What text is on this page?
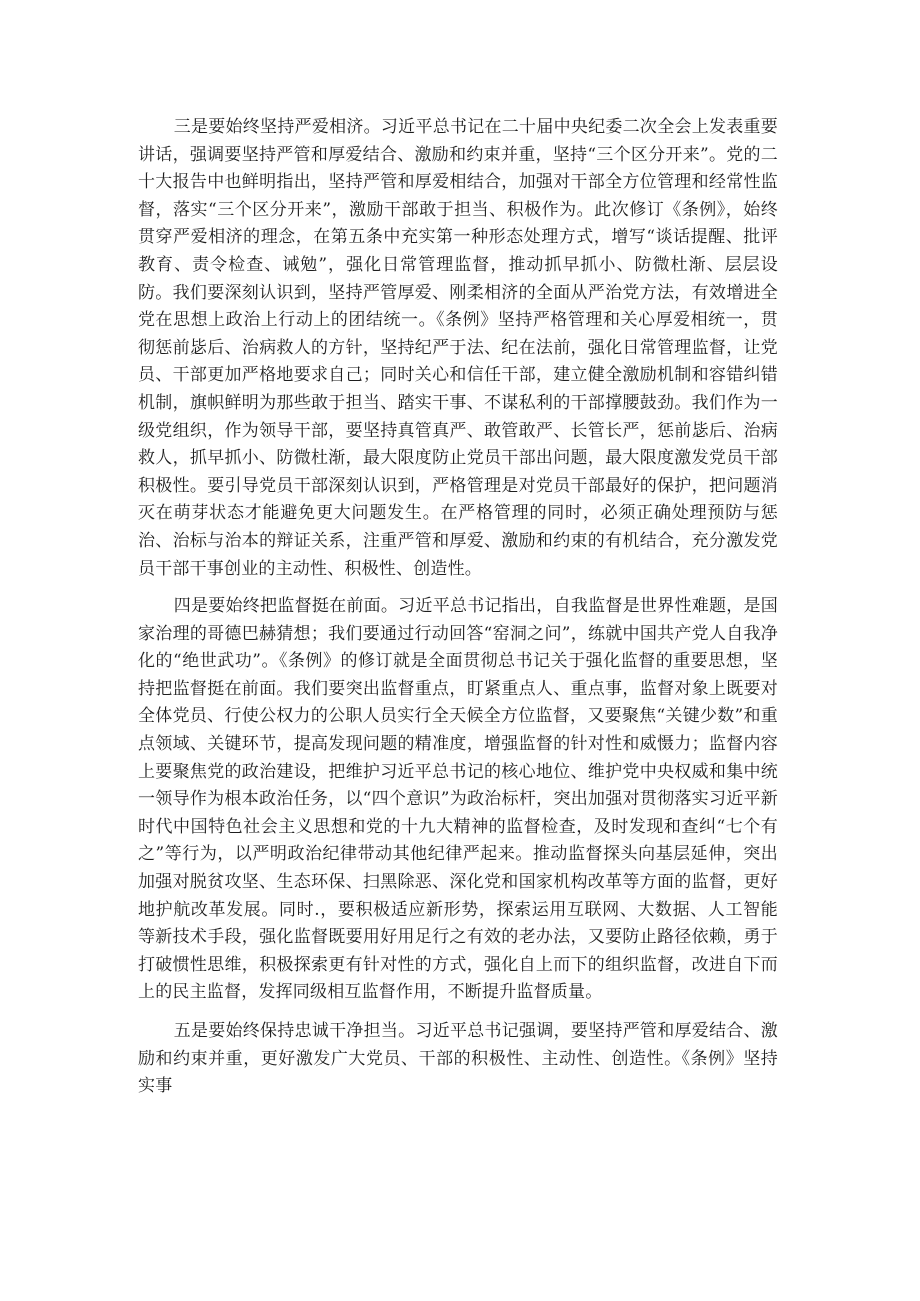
三是要始终坚持严爱相济。习近平总书记在二十届中央纪委二次全会上发表重要讲话，强调要坚持严管和厚爱结合、激励和约束并重，坚持“三个区分开来”。党的二十大报告中也鲜明指出，坚持严管和厚爱相结合，加强对干部全方位管理和经常性监督，落实“三个区分开来”，激励干部敢于担当、积极作为。此次修订《条例》，始终贯穿严爱相济的理念，在第五条中充实第一种形态处理方式，增写“谈话提醒、批评教育、责令检查、诫勉”，强化日常管理监督，推动抓早抓小、防微杜渐、层层设防。我们要深刻认识到，坚持严管厚爱、刚柔相济的全面从严治党方法，有效增进全党在思想上政治上行动上的团结统一。《条例》坚持严格管理和关心厚爱相统一，贯彻惩前毖后、治病救人的方针，坚持纪严于法、纪在法前，强化日常管理监督，让党员、干部更加严格地要求自己；同时关心和信任干部，建立健全激励机制和容错纠错机制，旗帜鲜明为那些敢于担当、踏实干事、不谋私利的干部撑腰鼓劲。我们作为一级党组织，作为领导干部，要坚持真管真严、敢管敢严、长管长严，惩前毖后、治病救人，抓早抓小、防微杜渐，最大限度防止党员干部出问题，最大限度激发党员干部积极性。要引导党员干部深刻认识到，严格管理是对党员干部最好的保护，把问题消灭在萌芽状态才能避免更大问题发生。在严格管理的同时，必须正确处理预防与惩治、治标与治本的辩证关系，注重严管和厚爱、激励和约束的有机结合，充分激发党员干部干事创业的主动性、积极性、创造性。

四是要始终把监督挺在前面。习近平总书记指出，自我监督是世界性难题，是国家治理的哥德巴赫猜想；我们要通过行动回答“窑洞之问”，练就中国共产党人自我净化的“绝世武功”。《条例》的修订就是全面贯彻总书记关于强化监督的重要思想，坚持把监督挺在前面。我们要突出监督重点，盯紧重点人、重点事，监督对象上既要对全体党员、行使公权力的公职人员实行全天候全方位监督，又要聚焦“关键少数”和重点领域、关键环节，提高发现问题的精准度，增强监督的针对性和威慑力；监督内容上要聚焦党的政治建设，把维护习近平总书记的核心地位、维护党中央权威和集中统一领导作为根本政治任务，以“四个意识”为政治标杆，突出加强对贯彻落实习近平新时代中国特色社会主义思想和党的十九大精神的监督检查，及时发现和查纠“七个有之”等行为，以严明政治纪律带动其他纪律严起来。推动监督探头向基层延伸，突出加强对脱贫攻坚、生态环保、扫黑除恶、深化党和国家机构改革等方面的监督，更好地护航改革发展。同时.，要积极适应新形势，探索运用互联网、大数据、人工智能等新技术手段，强化监督既要用好用足行之有效的老办法，又要防止路径依赖，勇于打破惯性思维，积极探索更有针对性的方式，强化自上而下的组织监督，改进自下而上的民主监督，发挥同级相互监督作用，不断提升监督质量。

五是要始终保持忠诚干净担当。习近平总书记强调，要坚持严管和厚爱结合、激励和约束并重，更好激发广大党员、干部的积极性、主动性、创造性。《条例》坚持实事
